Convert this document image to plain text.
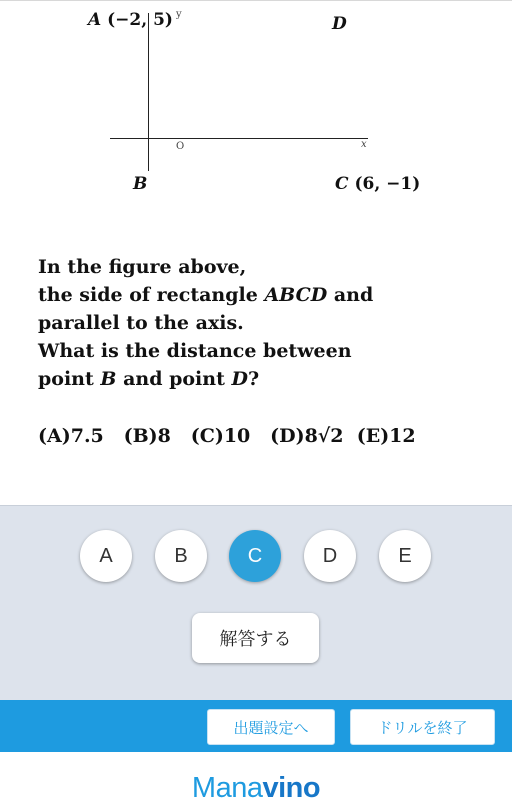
y
x
O
A (−2, 5)	D
B	C (6, −1)
In the figure above,
the side of rectangle ABCD and
parallel to the axis.
What is the distance between
point B and point D?
(A)7.5   (B)8   (C)10   (D)8√2  (E)12
A	B	C	D	E
解答する
出題設定へ	ドリルを終了
Manavino
